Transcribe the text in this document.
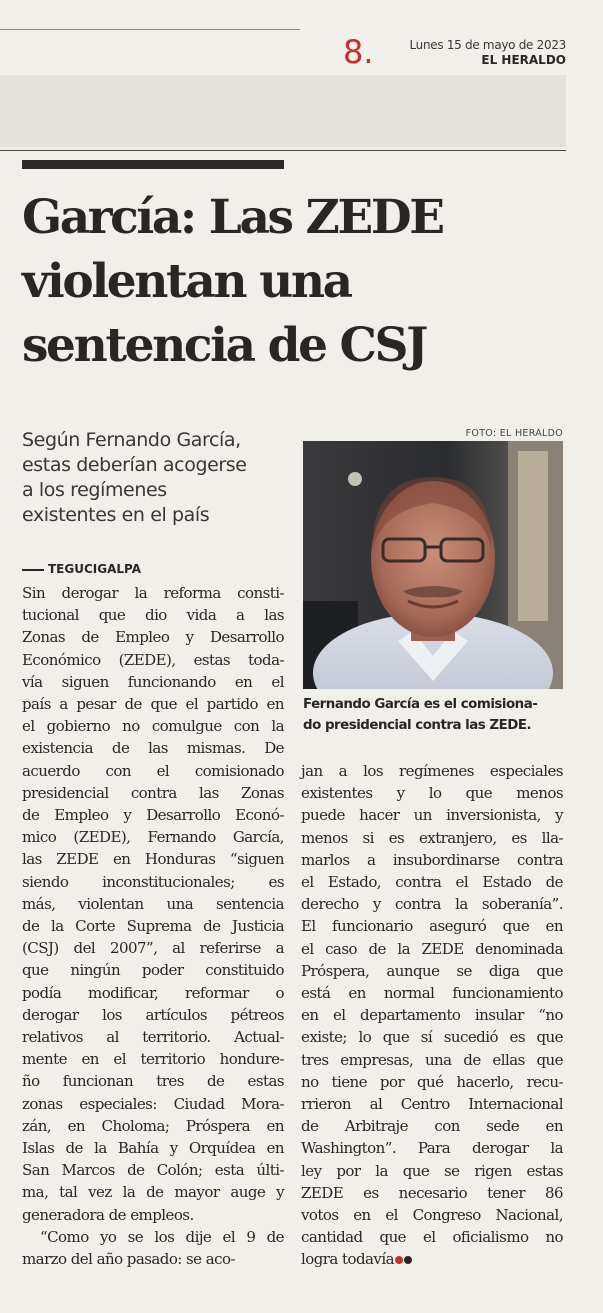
8.	Lunes 15 de mayo de 2023
EL HERALDO
García: Las ZEDE
violentan una
sentencia de CSJ
Según Fernando García,
estas deberían acogerse
a los regímenes
existentes en el país
FOTO: EL HERALDO
Fernando García es el comisiona-
do presidencial contra las ZEDE.
TEGUCIGALPA
Sin derogar la reforma consti-
tucional que dio vida a las
Zonas de Empleo y Desarrollo
Económico (ZEDE), estas toda-
vía siguen funcionando en el
país a pesar de que el partido en
el gobierno no comulgue con la
existencia de las mismas. De
acuerdo con el comisionado
presidencial contra las Zonas
de Empleo y Desarrollo Econó-
mico (ZEDE), Fernando García,
las ZEDE en Honduras “siguen
siendo inconstitucionales; es
más, violentan una sentencia
de la Corte Suprema de Justicia
(CSJ) del 2007”, al referirse a
que ningún poder constituido
podía modificar, reformar o
derogar los artículos pétreos
relativos al territorio. Actual-
mente en el territorio hondure-
ño funcionan tres de estas
zonas especiales: Ciudad Mora-
zán, en Choloma; Próspera en
Islas de la Bahía y Orquídea en
San Marcos de Colón; esta últi-
ma, tal vez la de mayor auge y
generadora de empleos.
“Como yo se los dije el 9 de
marzo del año pasado: se aco-
jan a los regímenes especiales
existentes y lo que menos
puede hacer un inversionista, y
menos si es extranjero, es lla-
marlos a insubordinarse contra
el Estado, contra el Estado de
derecho y contra la soberanía”.
El funcionario aseguró que en
el caso de la ZEDE denominada
Próspera, aunque se diga que
está en normal funcionamiento
en el departamento insular “no
existe; lo que sí sucedió es que
tres empresas, una de ellas que
no tiene por qué hacerlo, recu-
rrieron al Centro Internacional
de Arbitraje con sede en
Washington”. Para derogar la
ley por la que se rigen estas
ZEDE es necesario tener 86
votos en el Congreso Nacional,
cantidad que el oficialismo no
logra todavía
